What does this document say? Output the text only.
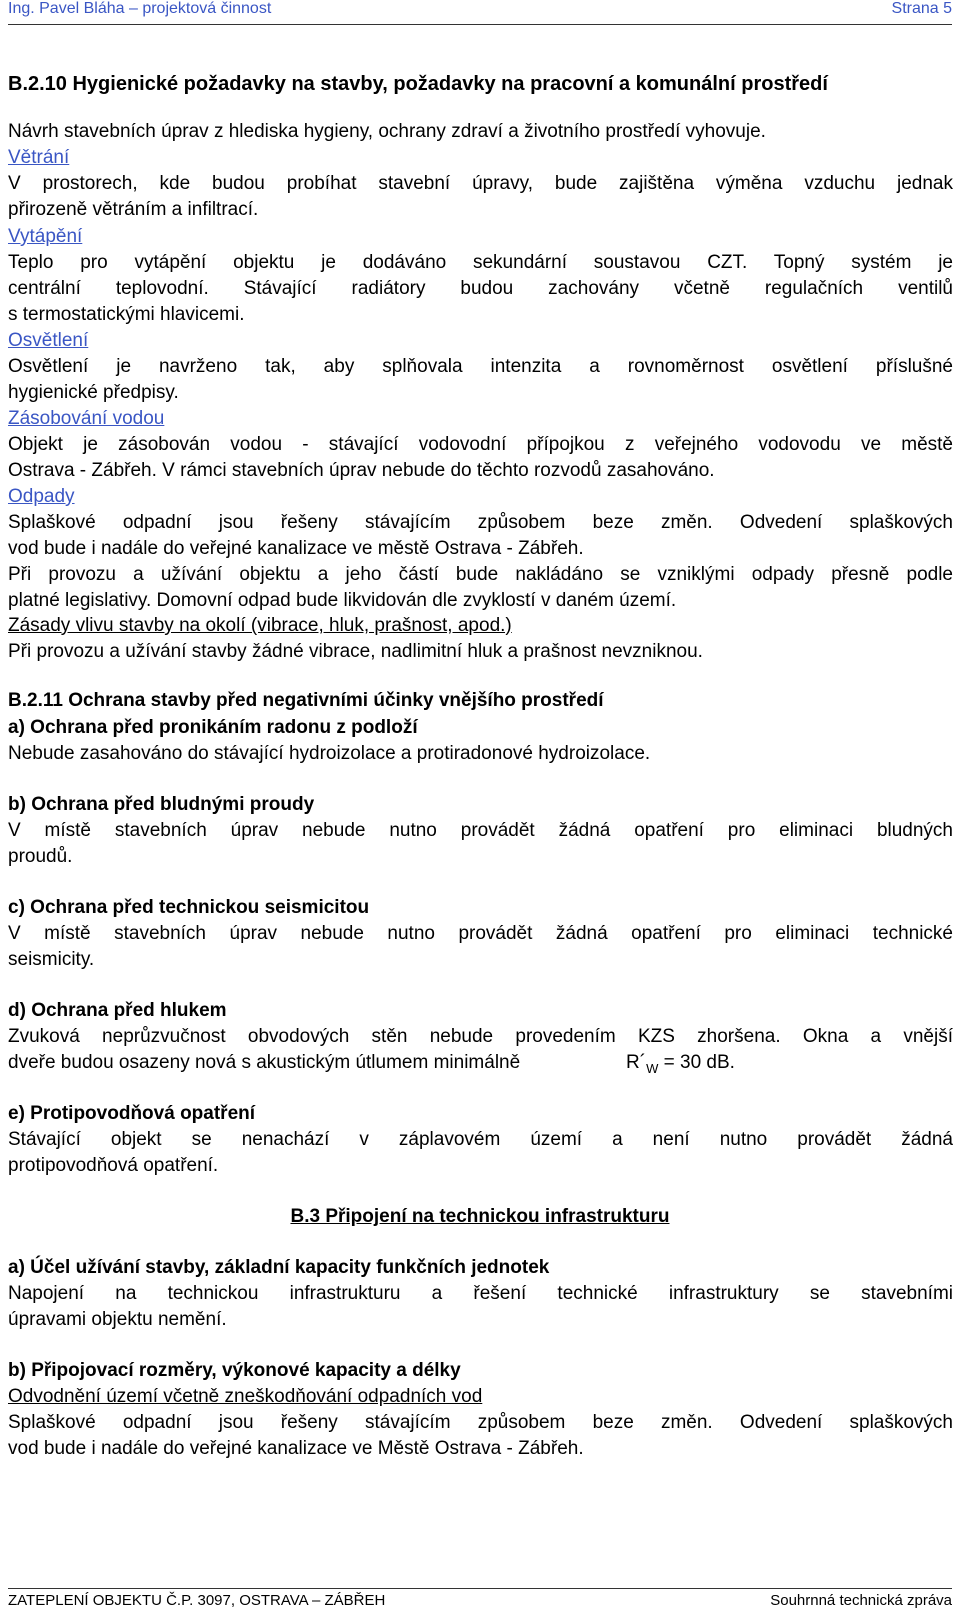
Ing. Pavel Bláha – projektová činnost	Strana 5
B.2.10 Hygienické požadavky na stavby, požadavky na pracovní a komunální prostředí
Návrh stavebních úprav z hlediska hygieny, ochrany zdraví a životního prostředí vyhovuje.
Větrání
V prostorech, kde budou probíhat stavební úpravy, bude zajištěna výměna vzduchu jednak
přirozeně větráním a infiltrací.
Vytápění
Teplo pro vytápění objektu je dodáváno sekundární soustavou CZT. Topný systém je
centrální teplovodní. Stávající radiátory budou zachovány včetně regulačních ventilů
s termostatickými hlavicemi.
Osvětlení
Osvětlení je navrženo tak, aby splňovala intenzita a rovnoměrnost osvětlení příslušné
hygienické předpisy.
Zásobování vodou
Objekt je zásobován vodou - stávající vodovodní přípojkou z veřejného vodovodu ve městě
Ostrava - Zábřeh. V rámci stavebních úprav nebude do těchto rozvodů zasahováno.
Odpady
Splaškové odpadní jsou řešeny stávajícím způsobem beze změn. Odvedení splaškových
vod bude i nadále do veřejné kanalizace ve městě Ostrava - Zábřeh.
Při provozu a užívání objektu a jeho částí bude nakládáno se vzniklými odpady přesně podle
platné legislativy. Domovní odpad bude likvidován dle zvyklostí v daném území.
Zásady vlivu stavby na okolí (vibrace, hluk, prašnost, apod.)
Při provozu a užívání stavby žádné vibrace, nadlimitní hluk a prašnost nevzniknou.
B.2.11 Ochrana stavby před negativními účinky vnějšího prostředí
a) Ochrana před pronikáním radonu z podloží
Nebude zasahováno do stávající hydroizolace a protiradonové hydroizolace.
b) Ochrana před bludnými proudy
V místě stavebních úprav nebude nutno provádět žádná opatření pro eliminaci bludných
proudů.
c) Ochrana před technickou seismicitou
V místě stavebních úprav nebude nutno provádět žádná opatření pro eliminaci technické
seismicity.
d) Ochrana před hlukem
Zvuková neprůzvučnost obvodových stěn nebude provedením KZS zhoršena. Okna a vnější
dveře budou osazeny nová s akustickým útlumem minimálně	$R´_W = 30$ dB.
e) Protipovodňová opatření
Stávající objekt se nenachází v záplavovém území a není nutno provádět žádná
protipovodňová opatření.
B.3 Připojení na technickou infrastrukturu
a) Účel užívání stavby, základní kapacity funkčních jednotek
Napojení na technickou infrastrukturu a řešení technické infrastruktury se stavebními
úpravami objektu nemění.
b) Připojovací rozměry, výkonové kapacity a délky
Odvodnění území včetně zneškodňování odpadních vod
Splaškové odpadní jsou řešeny stávajícím způsobem beze změn. Odvedení splaškových
vod bude i nadále do veřejné kanalizace ve Městě Ostrava - Zábřeh.
ZATEPLENÍ OBJEKTU Č.P. 3097, OSTRAVA – ZÁBŘEH	Souhrnná technická zpráva
